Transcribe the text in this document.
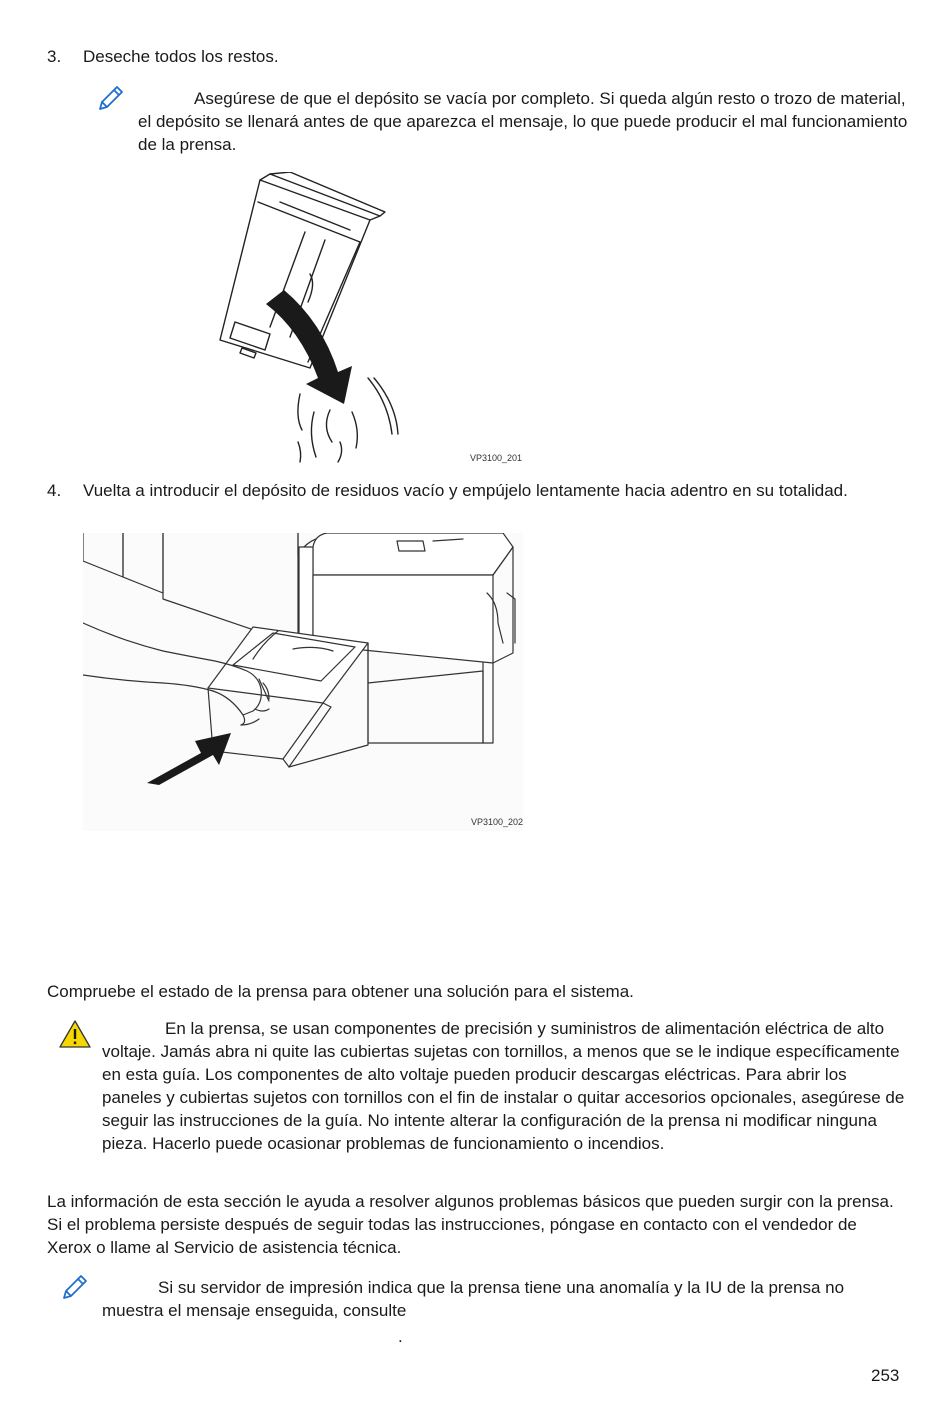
3. Deseche todos los restos.
Asegúrese de que el depósito se vacía por completo. Si queda algún resto o trozo de material, el depósito se llenará antes de que aparezca el mensaje, lo que puede producir el mal funcionamiento de la prensa.
VP3100_201
4. Vuelta a introducir el depósito de residuos vacío y empújelo lentamente hacia adentro en su totalidad.
VP3100_202
Compruebe el estado de la prensa para obtener una solución para el sistema.
En la prensa, se usan componentes de precisión y suministros de alimentación eléctrica de alto voltaje. Jamás abra ni quite las cubiertas sujetas con tornillos, a menos que se le indique específicamente en esta guía. Los componentes de alto voltaje pueden producir descargas eléctricas. Para abrir los paneles y cubiertas sujetos con tornillos con el fin de instalar o quitar accesorios opcionales, asegúrese de seguir las instrucciones de la guía. No intente alterar la configuración de la prensa ni modificar ninguna pieza. Hacerlo puede ocasionar problemas de funcionamiento o incendios.
La información de esta sección le ayuda a resolver algunos problemas básicos que pueden surgir con la prensa. Si el problema persiste después de seguir todas las instrucciones, póngase en contacto con el vendedor de Xerox o llame al Servicio de asistencia técnica.
Si su servidor de impresión indica que la prensa tiene una anomalía y la IU de la prensa no muestra el mensaje enseguida, consulte
.
253
